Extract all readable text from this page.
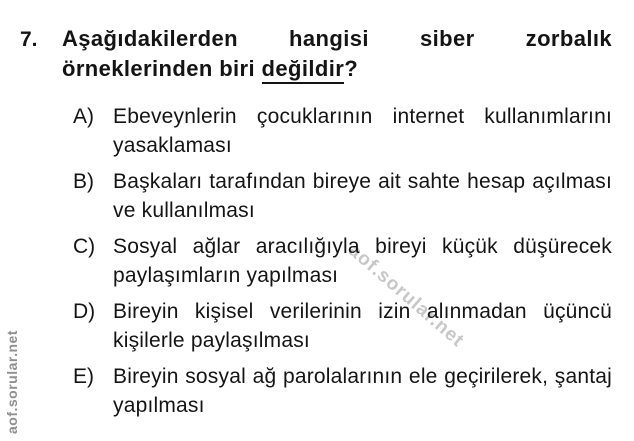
aof.sorular.net
aof.sorular.net
7.	Aşağıdakilerden hangisi siber zorbalık örneklerinden biri değildir?
A) Ebeveynlerin çocuklarının internet kullanımlarını yasaklaması
B) Başkaları tarafından bireye ait sahte hesap açılması ve kullanılması
C) Sosyal ağlar aracılığıyla bireyi küçük düşürecek paylaşımların yapılması
D) Bireyin kişisel verilerinin izin alınmadan üçüncü kişilerle paylaşılması
E) Bireyin sosyal ağ parolalarının ele geçirilerek, şantaj yapılması
